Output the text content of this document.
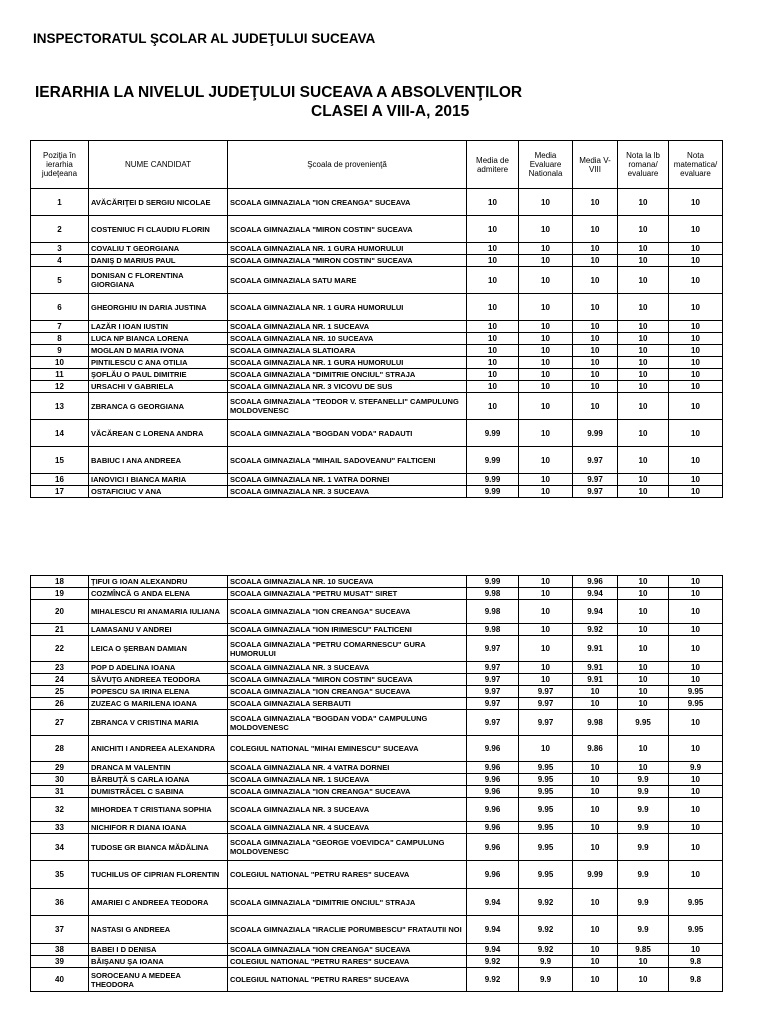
INSPECTORATUL ŞCOLAR AL JUDEŢULUI SUCEAVA
IERARHIA LA NIVELUL JUDEŢULUI SUCEAVA A ABSOLVENŢILOR
CLASEI A VIII-A, 2015
Poziţia în ierarhia judeţeana	NUME CANDIDAT	Şcoala de provenienţă	Media de admitere	Media Evaluare Nationala	Media V-VIII	Nota la lb romana/ evaluare	Nota matematica/ evaluare
1	AVĂCĂRIŢEI D SERGIU NICOLAE	SCOALA GIMNAZIALA "ION CREANGA" SUCEAVA	10	10	10	10	10
2	COSTENIUC FI CLAUDIU FLORIN	SCOALA GIMNAZIALA "MIRON COSTIN" SUCEAVA	10	10	10	10	10
3	COVALIU T GEORGIANA	SCOALA GIMNAZIALA NR. 1 GURA HUMORULUI	10	10	10	10	10
4	DANIŞ D MARIUS PAUL	SCOALA GIMNAZIALA "MIRON COSTIN" SUCEAVA	10	10	10	10	10
5	DONISAN C FLORENTINA GIORGIANA	SCOALA GIMNAZIALA SATU MARE	10	10	10	10	10
6	GHEORGHIU IN DARIA JUSTINA	SCOALA GIMNAZIALA NR. 1 GURA HUMORULUI	10	10	10	10	10
7	LAZĂR I IOAN IUSTIN	SCOALA GIMNAZIALA NR. 1 SUCEAVA	10	10	10	10	10
8	LUCA NP BIANCA LORENA	SCOALA GIMNAZIALA NR. 10 SUCEAVA	10	10	10	10	10
9	MOGLAN D MARIA IVONA	SCOALA GIMNAZIALA SLATIOARA	10	10	10	10	10
10	PINTILESCU C ANA OTILIA	SCOALA GIMNAZIALA NR. 1 GURA HUMORULUI	10	10	10	10	10
11	ŞOFLĂU O PAUL DIMITRIE	SCOALA GIMNAZIALA "DIMITRIE ONCIUL" STRAJA	10	10	10	10	10
12	URSACHI V GABRIELA	SCOALA GIMNAZIALA NR. 3 VICOVU DE SUS	10	10	10	10	10
13	ZBRANCA G GEORGIANA	SCOALA GIMNAZIALA "TEODOR V. STEFANELLI" CAMPULUNG MOLDOVENESC	10	10	10	10	10
14	VĂCĂREAN C LORENA ANDRA	SCOALA GIMNAZIALA "BOGDAN VODA" RADAUTI	9.99	10	9.99	10	10
15	BABIUC I ANA ANDREEA	SCOALA GIMNAZIALA "MIHAIL SADOVEANU" FALTICENI	9.99	10	9.97	10	10
16	IANOVICI I BIANCA MARIA	SCOALA GIMNAZIALA NR. 1 VATRA DORNEI	9.99	10	9.97	10	10
17	OSTAFICIUC V ANA	SCOALA GIMNAZIALA NR. 3 SUCEAVA	9.99	10	9.97	10	10
18	ŢIFUI G IOAN ALEXANDRU	SCOALA GIMNAZIALA NR. 10 SUCEAVA	9.99	10	9.96	10	10
19	COZMÎNCĂ G ANDA ELENA	SCOALA GIMNAZIALA "PETRU MUSAT" SIRET	9.98	10	9.94	10	10
20	MIHALESCU RI ANAMARIA IULIANA	SCOALA GIMNAZIALA "ION CREANGA" SUCEAVA	9.98	10	9.94	10	10
21	LAMASANU V ANDREI	SCOALA GIMNAZIALA "ION IRIMESCU" FALTICENI	9.98	10	9.92	10	10
22	LEICA O ŞERBAN DAMIAN	SCOALA GIMNAZIALA "PETRU COMARNESCU" GURA HUMORULUI	9.97	10	9.91	10	10
23	POP D ADELINA IOANA	SCOALA GIMNAZIALA NR. 3 SUCEAVA	9.97	10	9.91	10	10
24	SĂVUŢG ANDREEA TEODORA	SCOALA GIMNAZIALA "MIRON COSTIN" SUCEAVA	9.97	10	9.91	10	10
25	POPESCU SA IRINA ELENA	SCOALA GIMNAZIALA "ION CREANGA" SUCEAVA	9.97	9.97	10	10	9.95
26	ZUZEAC G MARILENA IOANA	SCOALA GIMNAZIALA SERBAUTI	9.97	9.97	10	10	9.95
27	ZBRANCA V CRISTINA MARIA	SCOALA GIMNAZIALA "BOGDAN VODA" CAMPULUNG MOLDOVENESC	9.97	9.97	9.98	9.95	10
28	ANICHITI I ANDREEA ALEXANDRA	COLEGIUL NATIONAL "MIHAI EMINESCU" SUCEAVA	9.96	10	9.86	10	10
29	DRANCA M VALENTIN	SCOALA GIMNAZIALA NR. 4 VATRA DORNEI	9.96	9.95	10	10	9.9
30	BĂRBUŢĂ S CARLA IOANA	SCOALA GIMNAZIALA NR. 1 SUCEAVA	9.96	9.95	10	9.9	10
31	DUMISTRĂCEL C SABINA	SCOALA GIMNAZIALA "ION CREANGA" SUCEAVA	9.96	9.95	10	9.9	10
32	MIHORDEA T CRISTIANA SOPHIA	SCOALA GIMNAZIALA NR. 3 SUCEAVA	9.96	9.95	10	9.9	10
33	NICHIFOR R DIANA IOANA	SCOALA GIMNAZIALA NR. 4 SUCEAVA	9.96	9.95	10	9.9	10
34	TUDOSE GR BIANCA MĂDĂLINA	SCOALA GIMNAZIALA "GEORGE VOEVIDCA" CAMPULUNG MOLDOVENESC	9.96	9.95	10	9.9	10
35	TUCHILUS OF CIPRIAN FLORENTIN	COLEGIUL NATIONAL "PETRU RARES" SUCEAVA	9.96	9.95	9.99	9.9	10
36	AMARIEI C ANDREEA TEODORA	SCOALA GIMNAZIALA "DIMITRIE ONCIUL" STRAJA	9.94	9.92	10	9.9	9.95
37	NASTASI G ANDREEA	SCOALA GIMNAZIALA "IRACLIE PORUMBESCU" FRATAUTII NOI	9.94	9.92	10	9.9	9.95
38	BABEI I D DENISA	SCOALA GIMNAZIALA "ION CREANGA" SUCEAVA	9.94	9.92	10	9.85	10
39	BĂIŞANU ŞA IOANA	COLEGIUL NATIONAL "PETRU RARES" SUCEAVA	9.92	9.9	10	10	9.8
40	SOROCEANU A MEDEEA THEODORA	COLEGIUL NATIONAL "PETRU RARES" SUCEAVA	9.92	9.9	10	10	9.8
